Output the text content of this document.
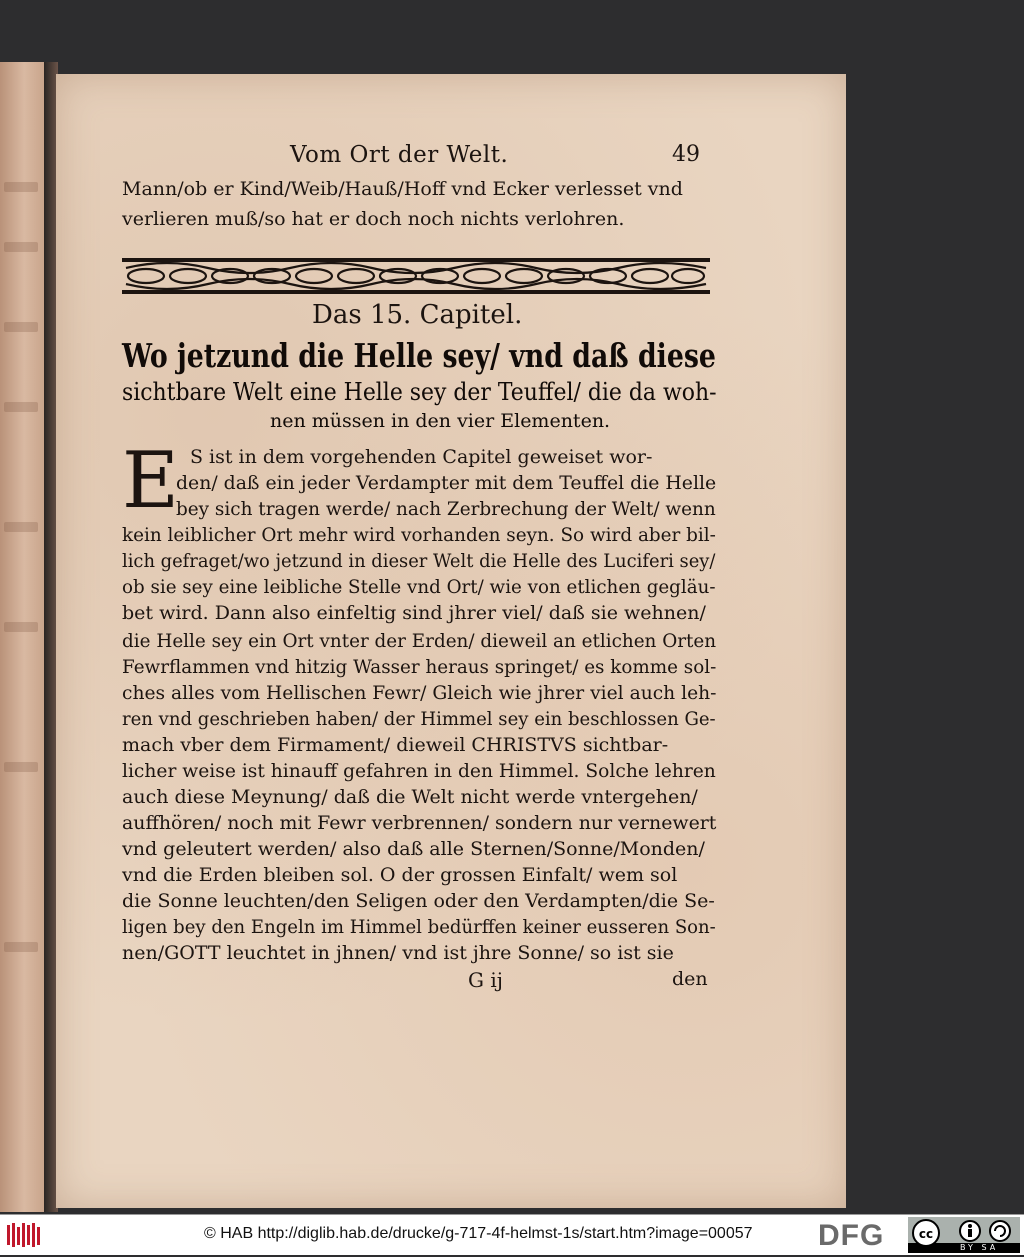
Vom Ort der Welt.	49
Mann/ob er Kind/Weib/Hauß/Hoff vnd Ecker verlesset vnd
verlieren muß/so hat er doch noch nichts verlohren.
Das 15. Capitel.
Wo jetzund die Helle sey/ vnd daß diese
sichtbare Welt eine Helle sey der Teuffel/ die da woh-
nen müssen in den vier Elementen.
E S ist in dem vorgehenden Capitel geweiset wor-
den/ daß ein jeder Verdampter mit dem Teuffel die Helle
bey sich tragen werde/ nach Zerbrechung der Welt/ wenn
kein leiblicher Ort mehr wird vorhanden seyn. So wird aber bil-
lich gefraget/wo jetzund in dieser Welt die Helle des Luciferi sey/
ob sie sey eine leibliche Stelle vnd Ort/ wie von etlichen gegläu-
bet wird. Dann also einfeltig sind jhrer viel/ daß sie wehnen/
die Helle sey ein Ort vnter der Erden/ dieweil an etlichen Orten
Fewrflammen vnd hitzig Wasser heraus springet/ es komme sol-
ches alles vom Hellischen Fewr/ Gleich wie jhrer viel auch leh-
ren vnd geschrieben haben/ der Himmel sey ein beschlossen Ge-
mach vber dem Firmament/ dieweil CHRISTVS sichtbar-
licher weise ist hinauff gefahren in den Himmel. Solche lehren
auch diese Meynung/ daß die Welt nicht werde vntergehen/
auffhören/ noch mit Fewr verbrennen/ sondern nur vernewert
vnd geleutert werden/ also daß alle Sternen/Sonne/Monden/
vnd die Erden bleiben sol. O der grossen Einfalt/ wem sol
die Sonne leuchten/den Seligen oder den Verdampten/die Se-
ligen bey den Engeln im Himmel bedürffen keiner eusseren Son-
nen/GOTT leuchtet in jhnen/ vnd ist jhre Sonne/ so ist sie
G ij	den
© HAB http://diglib.hab.de/drucke/g-717-4f-helmst-1s/start.htm?image=00057 DFG	cc
BY SA
